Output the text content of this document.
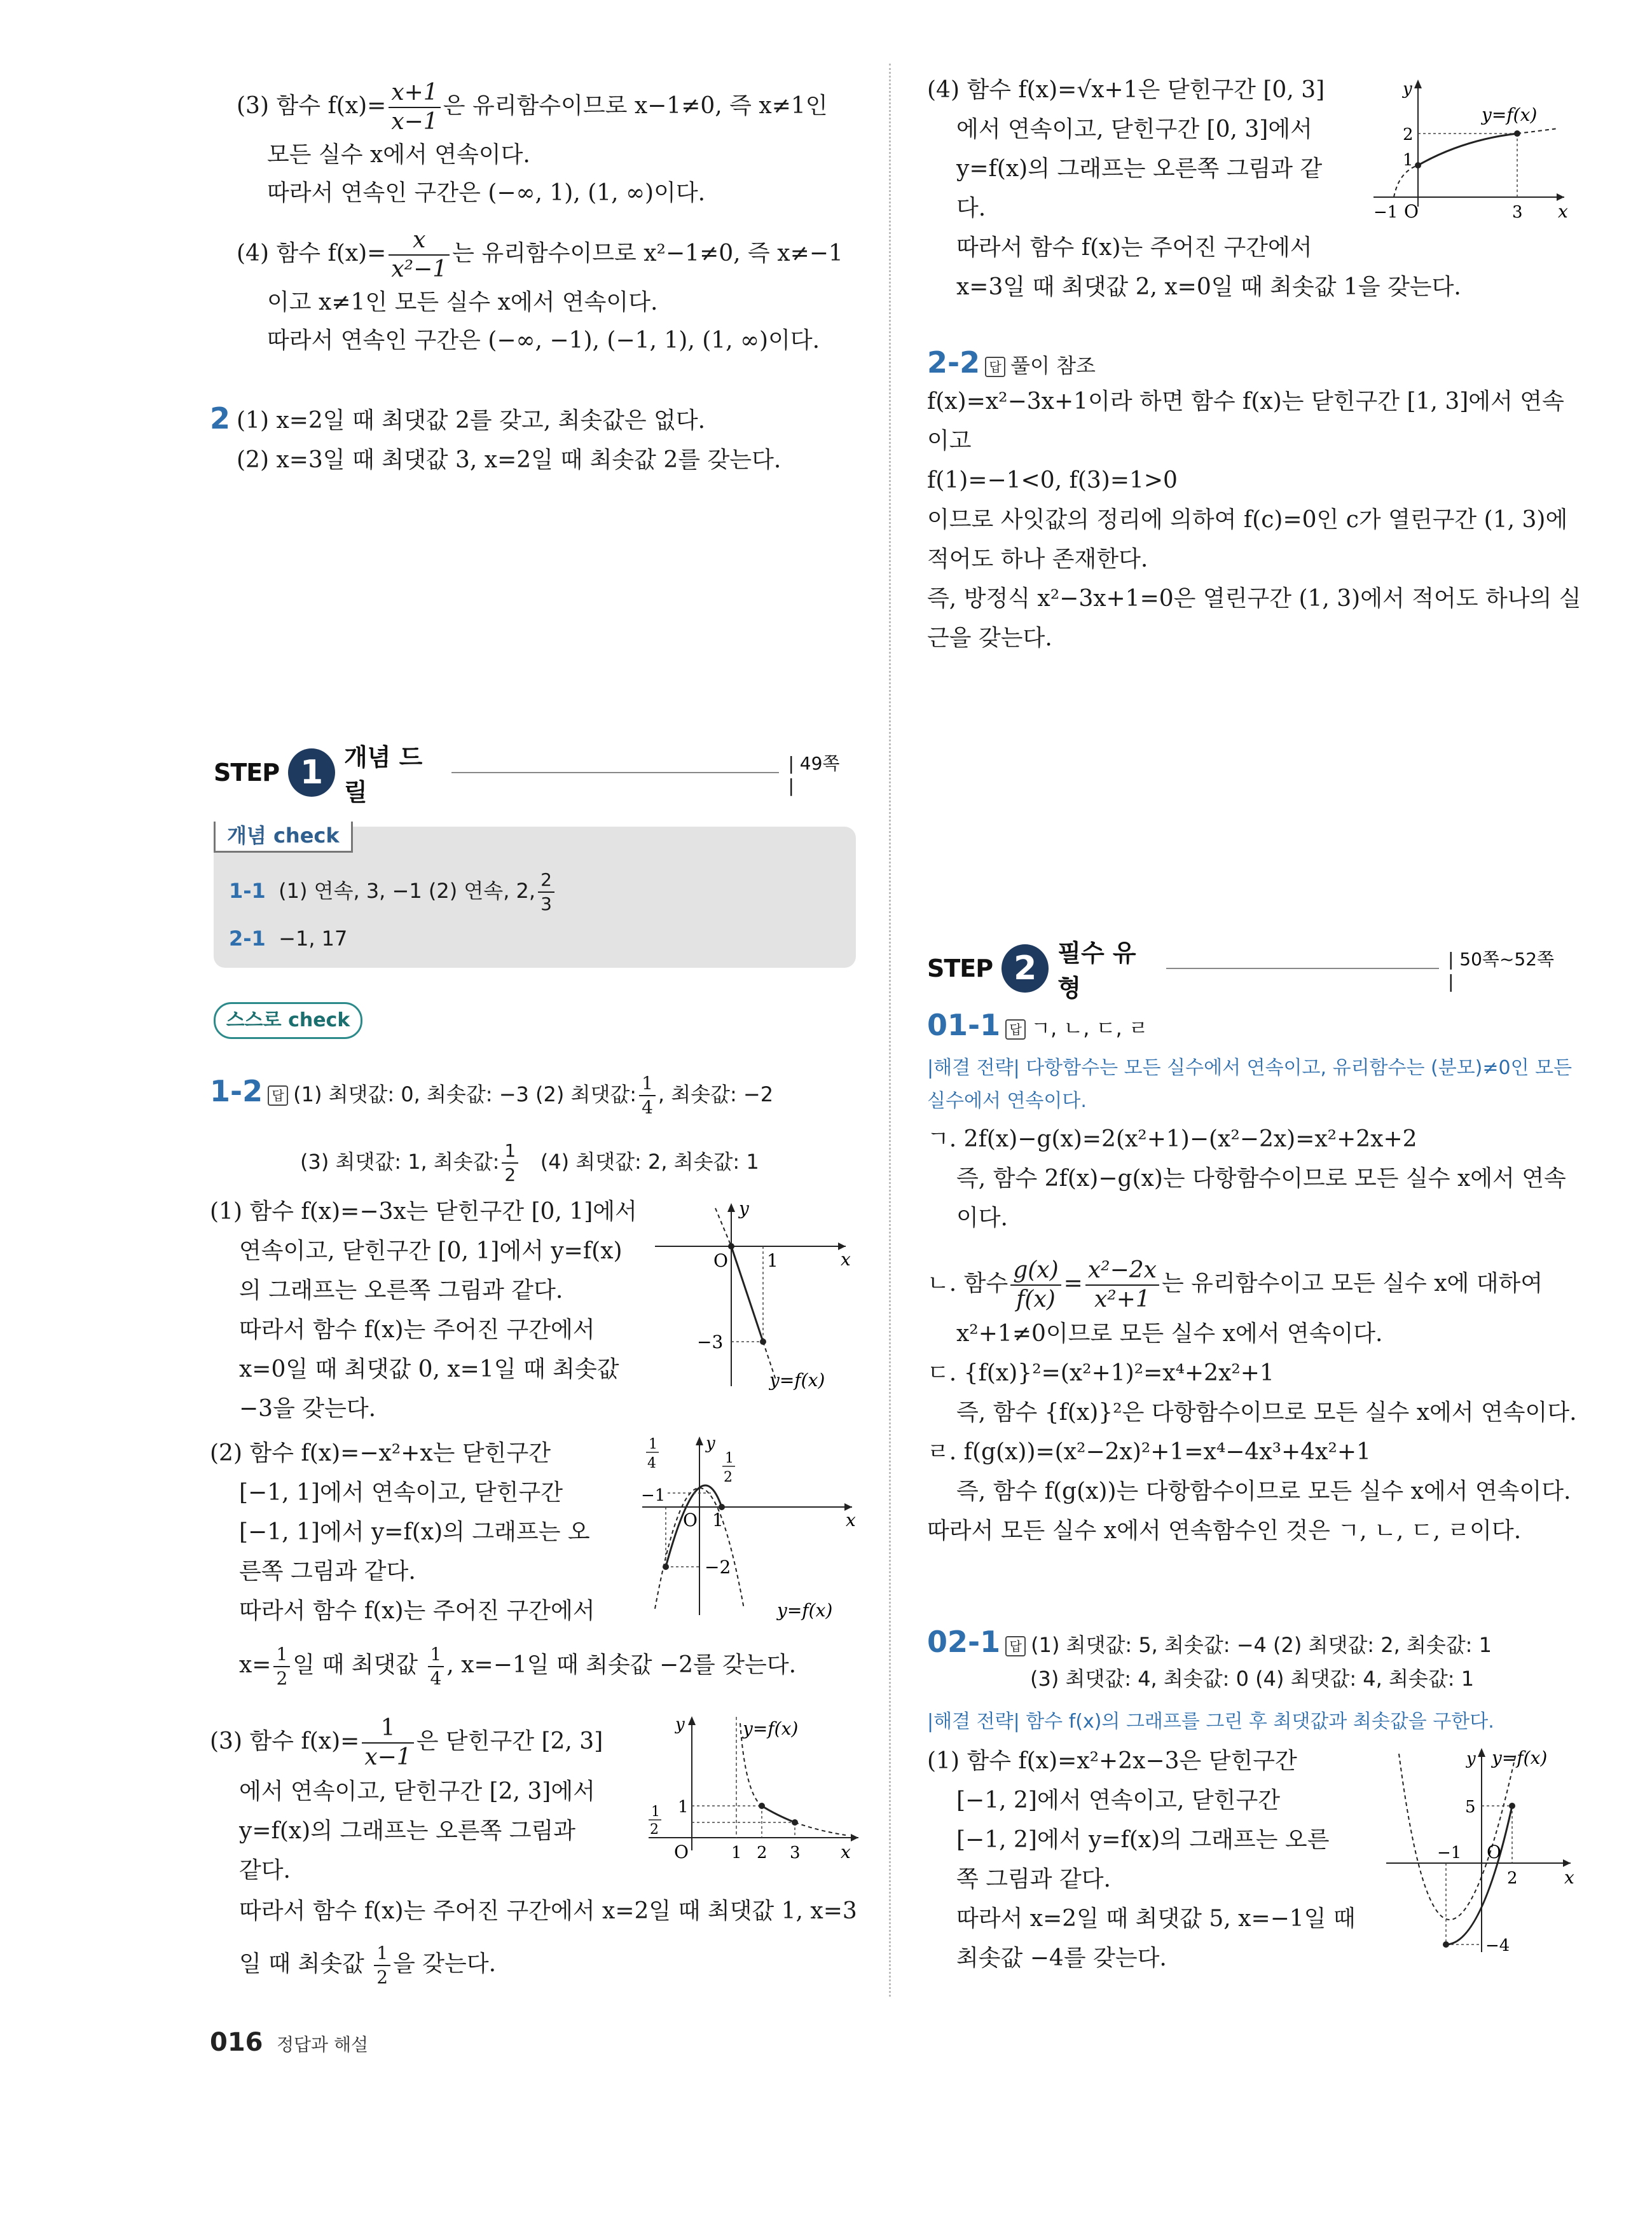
(3) 함수 $f(x)= \frac{x+1}{x-1}$ 은 유리함수이므로 x−1≠0, 즉 x≠1인
모든 실수 x에서 연속이다.
따라서 연속인 구간은 (−∞, 1), (1, ∞)이다.
(4) 함수 $f(x)= \frac{x}{\text{x²−1}}$ 는 유리함수이므로 x²−1≠0, 즉 x≠−1
이고 x≠1인 모든 실수 x에서 연속이다.
따라서 연속인 구간은 (−∞, −1), (−1, 1), (1, ∞)이다.
2 (1) x=2일 때 최댓값 2를 갖고, 최솟값은 없다.
(2) x=3일 때 최댓값 3, x=2일 때 최솟값 2를 갖는다.
STEP 1 개념 드릴
| 49쪽 |
개념 check
1-1 (1) 연속, 3, −1 (2) 연속, 2, $\frac{2}{3}$
2-1 −1, 17
스스로 check
1-2 답 (1) 최댓값: 0, 최솟값: −3 (2) 최댓값: $\frac{1}{4}$ , 최솟값: −2
(3) 최댓값: 1, 최솟값: $\frac{1}{2} (4)$ 최댓값: 2, 최솟값: 1
(1) 함수 f(x)=−3x는 닫힌구간 [0, 1]에서
연속이고, 닫힌구간 [0, 1]에서 y=f(x)
의 그래프는 오른쪽 그림과 같다.
따라서 함수 f(x)는 주어진 구간에서
x=0일 때 최댓값 0, x=1일 때 최솟값
−3을 갖는다.
y
x
O 1
−3
y=f(x)
(2) 함수 f(x)=−x²+x는 닫힌구간
[−1, 1]에서 연속이고, 닫힌구간
[−1, 1]에서 y=f(x)의 그래프는 오
른쪽 그림과 같다.
따라서 함수 f(x)는 주어진 구간에서
$x= \frac{1}{2}$ 일 때 최댓값 $\frac{1}{4}$ , x=−1일 때 최솟값 −2를 갖는다.
1
4	1
2
y
x
−1
O 1
−2
y=f(x)
(3) 함수 $f(x)= \frac{1}{x-1}$ 은 닫힌구간 [2, 3]
에서 연속이고, 닫힌구간 [2, 3]에서
y=f(x)의 그래프는 오른쪽 그림과
같다.
따라서 함수 f(x)는 주어진 구간에서 x=2일 때 최댓값 1, x=3
일 때 최솟값 $\frac{1}{2}$ 을 갖는다.
y	y=f(x)
1
1
2
O	1 2 3 x
016 정답과 해설
(4) 함수 f(x)=√x+1은 닫힌구간 [0, 3]
에서 연속이고, 닫힌구간 [0, 3]에서
y=f(x)의 그래프는 오른쪽 그림과 같
다.
따라서 함수 f(x)는 주어진 구간에서
x=3일 때 최댓값 2, x=0일 때 최솟값 1을 갖는다.
y
y=f(x)
2
1
−1 O	3 x
2-2 답 풀이 참조
f(x)=x²−3x+1이라 하면 함수 f(x)는 닫힌구간 [1, 3]에서 연속
이고
f(1)=−1<0, f(3)=1>0
이므로 사잇값의 정리에 의하여 f(c)=0인 c가 열린구간 (1, 3)에
적어도 하나 존재한다.
즉, 방정식 x²−3x+1=0은 열린구간 (1, 3)에서 적어도 하나의 실
근을 갖는다.
STEP 2 필수 유형
| 50쪽~52쪽 |
01-1 답 ㄱ, ㄴ, ㄷ, ㄹ
|해결 전략| 다항함수는 모든 실수에서 연속이고, 유리함수는 (분모)≠0인 모든
실수에서 연속이다.
ㄱ. 2f(x)−g(x)=2(x²+1)−(x²−2x)=x²+2x+2
즉, 함수 2f(x)−g(x)는 다항함수이므로 모든 실수 x에서 연속
이다.
ㄴ. 함수 $\frac{g(x)}{f(x)} = \frac{\text{x²−2x}}{\text{x²+1}}$ 는 유리함수이고 모든 실수 x에 대하여
x²+1≠0이므로 모든 실수 x에서 연속이다.
ㄷ. {f(x)}²=(x²+1)²=x⁴+2x²+1
즉, 함수 {f(x)}²은 다항함수이므로 모든 실수 x에서 연속이다.
ㄹ. f(g(x))=(x²−2x)²+1=x⁴−4x³+4x²+1
즉, 함수 f(g(x))는 다항함수이므로 모든 실수 x에서 연속이다.
따라서 모든 실수 x에서 연속함수인 것은 ㄱ, ㄴ, ㄷ, ㄹ이다.
02-1 답 (1) 최댓값: 5, 최솟값: −4 (2) 최댓값: 2, 최솟값: 1
(3) 최댓값: 4, 최솟값: 0 (4) 최댓값: 4, 최솟값: 1
|해결 전략| 함수 f(x)의 그래프를 그린 후 최댓값과 최솟값을 구한다.
(1) 함수 f(x)=x²+2x−3은 닫힌구간
[−1, 2]에서 연속이고, 닫힌구간
[−1, 2]에서 y=f(x)의 그래프는 오른
쪽 그림과 같다.
따라서 x=2일 때 최댓값 5, x=−1일 때
최솟값 −4를 갖는다.
y y=f(x)
5
−1 O
2	x
−4
